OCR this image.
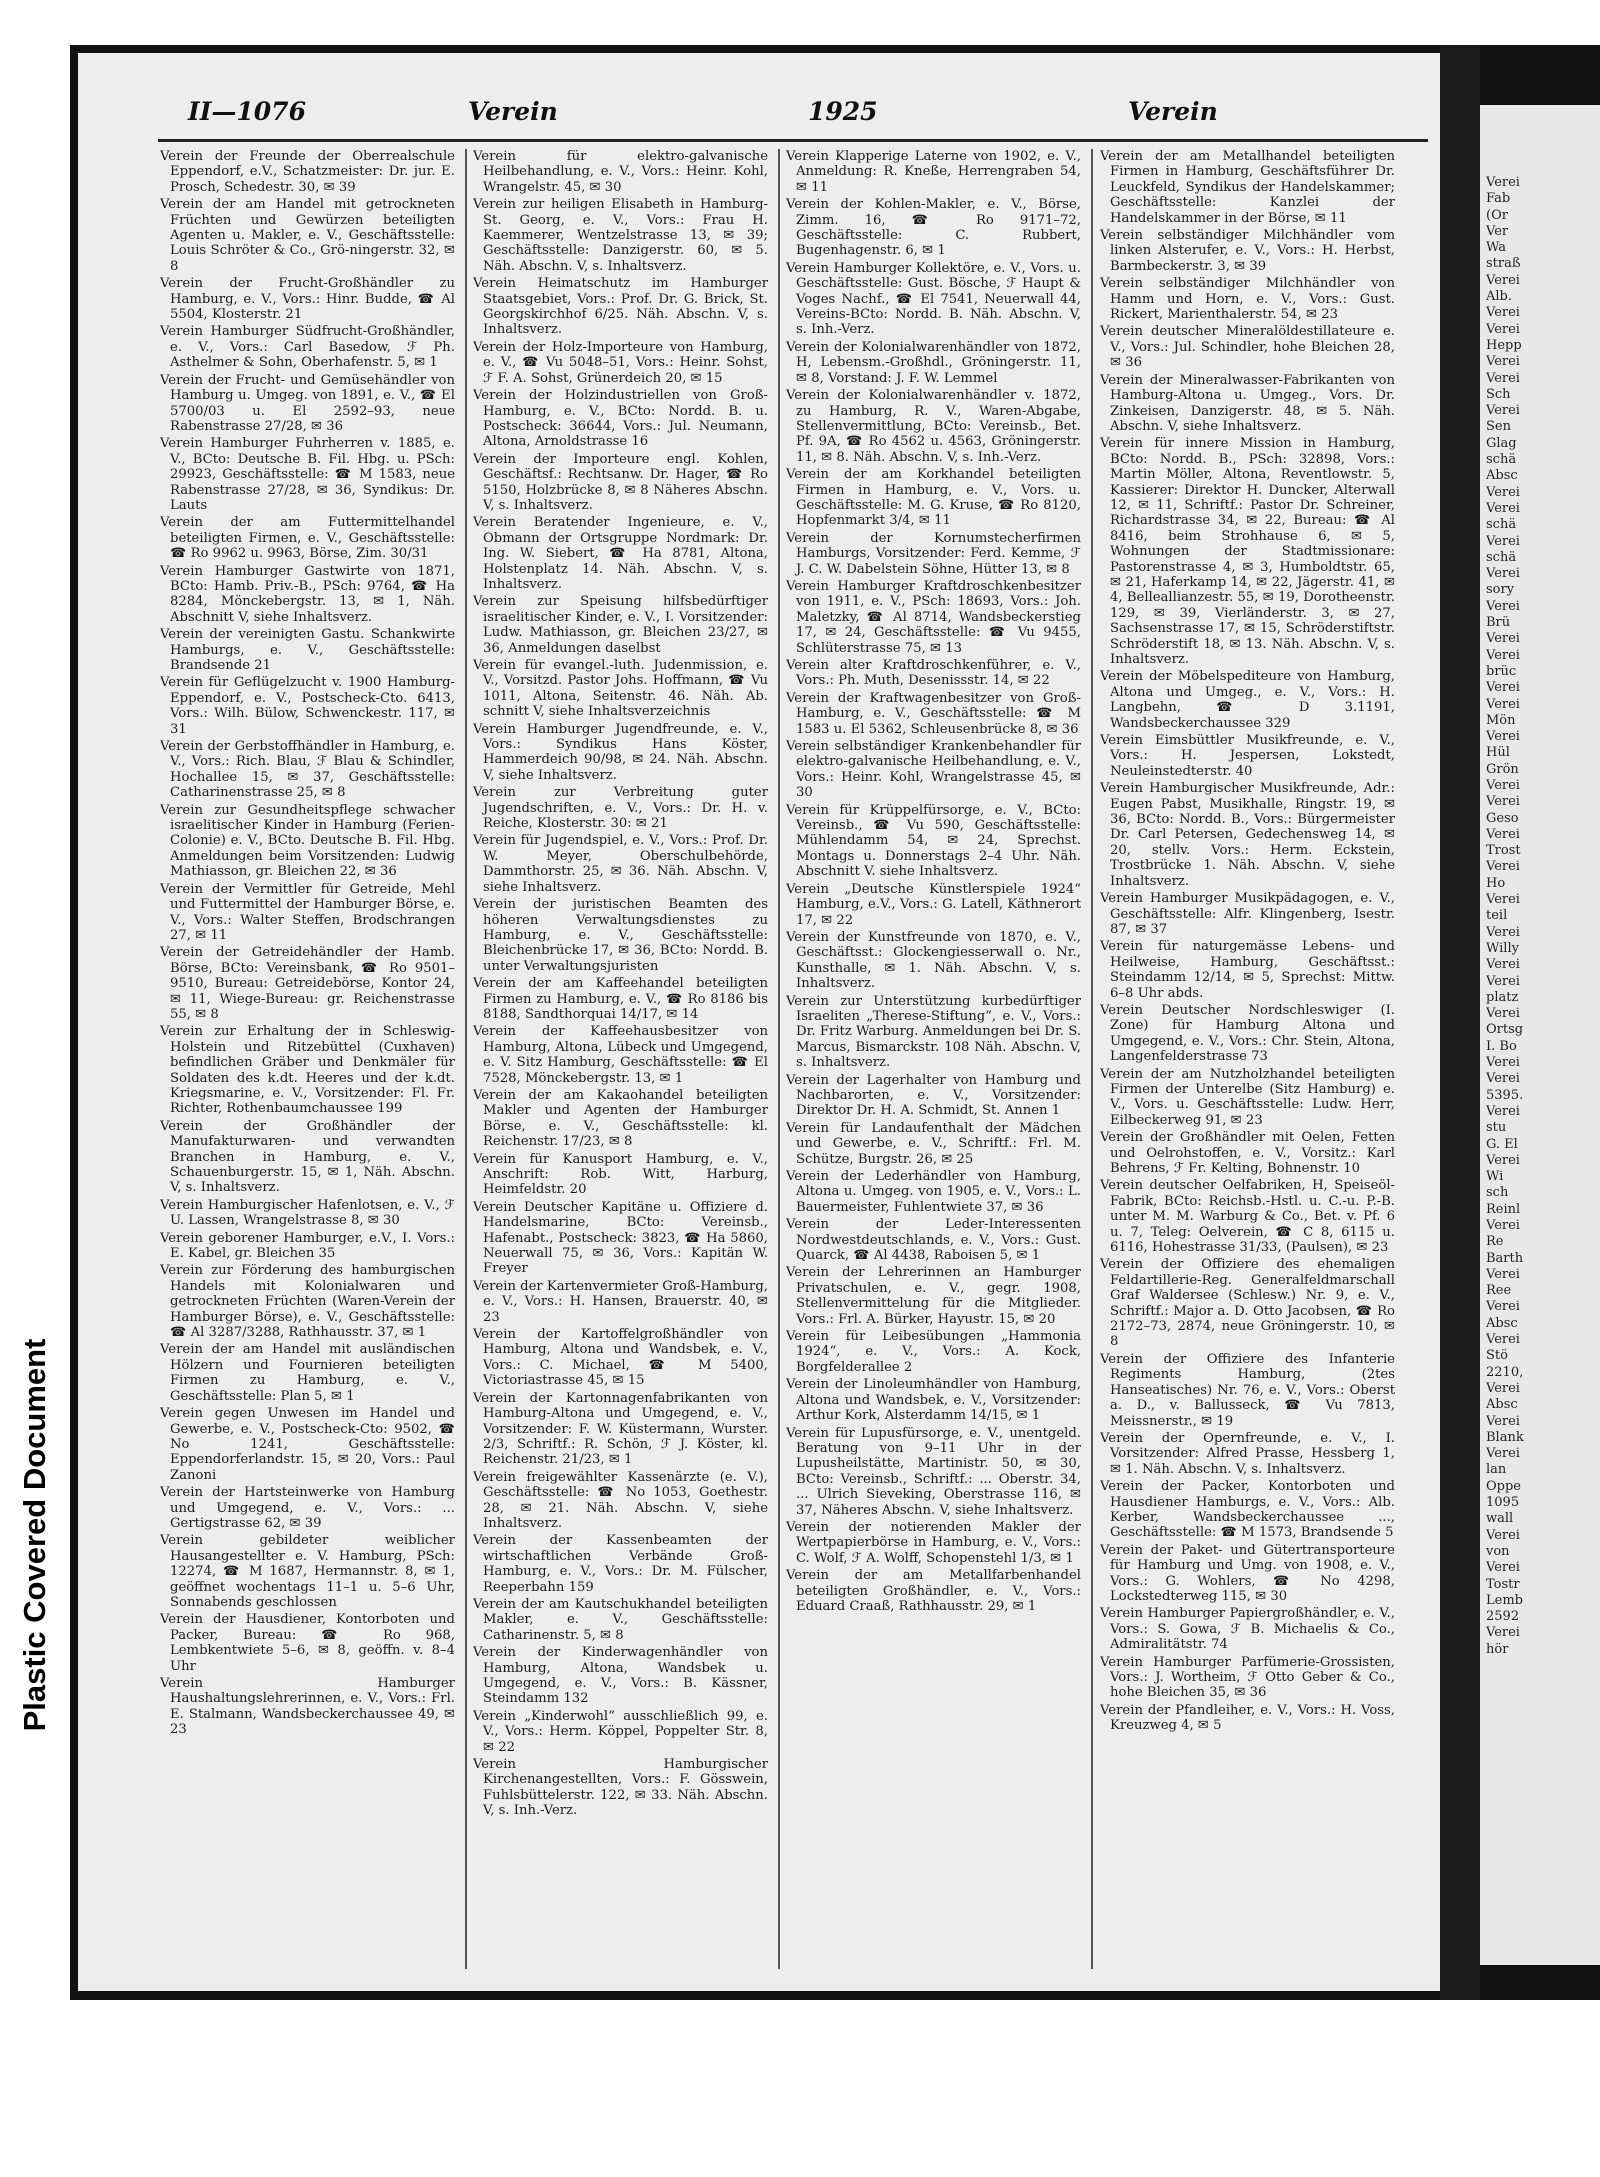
Plastic Covered Document
II—1076	Verein	1925	Verein

Verein der Freunde der Oberrealschule Eppendorf, e.V., Schatzmeister: Dr. jur. E. Prosch, Schedestr. 30, ✉ 39

Verein der am Handel mit getrockneten Früchten und Gewürzen beteiligten Agenten u. Makler, e. V., Geschäftsstelle: Louis Schröter & Co., Grö-ningerstr. 32, ✉ 8

Verein der Frucht-Großhändler zu Hamburg, e. V., Vors.: Hinr. Budde, ☎ Al 5504, Klosterstr. 21

Verein Hamburger Südfrucht-Großhändler, e. V., Vors.: Carl Basedow, ℱ Ph. Asthelmer & Sohn, Oberhafenstr. 5, ✉ 1

Verein der Frucht- und Gemüsehändler von Hamburg u. Umgeg. von 1891, e. V., ☎ El 5700/03 u. El 2592–93, neue Rabenstrasse 27/28, ✉ 36

Verein Hamburger Fuhrherren v. 1885, e. V., BCto: Deutsche B. Fil. Hbg. u. PSch: 29923, Geschäftsstelle: ☎ M 1583, neue Rabenstrasse 27/28, ✉ 36, Syndikus: Dr. Lauts

Verein der am Futtermittelhandel beteiligten Firmen, e. V., Geschäftsstelle: ☎ Ro 9962 u. 9963, Börse, Zim. 30/31

Verein Hamburger Gastwirte von 1871, BCto: Hamb. Priv.-B., PSch: 9764, ☎ Ha 8284, Mönckebergstr. 13, ✉ 1, Näh. Abschnitt V, siehe Inhaltsverz.

Verein der vereinigten Gastu. Schankwirte Hamburgs, e. V., Geschäftsstelle: Brandsende 21

Verein für Geflügelzucht v. 1900 Hamburg-Eppendorf, e. V., Postscheck-Cto. 6413, Vors.: Wilh. Bülow, Schwenckestr. 117, ✉ 31

Verein der Gerbstoffhändler in Hamburg, e. V., Vors.: Rich. Blau, ℱ Blau & Schindler, Hochallee 15, ✉ 37, Geschäftsstelle: Catharinenstrasse 25, ✉ 8

Verein zur Gesundheitspflege schwacher israelitischer Kinder in Hamburg (Ferien-Colonie) e. V., BCto. Deutsche B. Fil. Hbg. Anmeldungen beim Vorsitzenden: Ludwig Mathiasson, gr. Bleichen 22, ✉ 36

Verein der Vermittler für Getreide, Mehl und Futtermittel der Hamburger Börse, e. V., Vors.: Walter Steffen, Brodschrangen 27, ✉ 11

Verein der Getreidehändler der Hamb. Börse, BCto: Vereinsbank, ☎ Ro 9501–9510, Bureau: Getreidebörse, Kontor 24, ✉ 11, Wiege-Bureau: gr. Reichenstrasse 55, ✉ 8

Verein zur Erhaltung der in Schleswig-Holstein und Ritzebüttel (Cuxhaven) befindlichen Gräber und Denkmäler für Soldaten des k.dt. Heeres und der k.dt. Kriegsmarine, e. V., Vorsitzender: Fl. Fr. Richter, Rothenbaumchaussee 199

Verein der Großhändler der Manufakturwaren- und verwandten Branchen in Hamburg, e. V., Schauenburgerstr. 15, ✉ 1, Näh. Abschn. V, s. Inhaltsverz.

Verein Hamburgischer Hafenlotsen, e. V., ℱ U. Lassen, Wrangelstrasse 8, ✉ 30

Verein geborener Hamburger, e.V., I. Vors.: E. Kabel, gr. Bleichen 35

Verein zur Förderung des hamburgischen Handels mit Kolonialwaren und getrockneten Früchten (Waren-Verein der Hamburger Börse), e. V., Geschäftsstelle: ☎ Al 3287/3288, Rathhausstr. 37, ✉ 1

Verein der am Handel mit ausländischen Hölzern und Fournieren beteiligten Firmen zu Hamburg, e. V., Geschäftsstelle: Plan 5, ✉ 1

Verein gegen Unwesen im Handel und Gewerbe, e. V., Postscheck-Cto: 9502, ☎ No 1241, Geschäftsstelle: Eppendorferlandstr. 15, ✉ 20, Vors.: Paul Zanoni

Verein der Hartsteinwerke von Hamburg und Umgegend, e. V., Vors.: ... Gertigstrasse 62, ✉ 39

Verein gebildeter weiblicher Hausangestellter e. V. Hamburg, PSch: 12274, ☎ M 1687, Hermannstr. 8, ✉ 1, geöffnet wochentags 11–1 u. 5–6 Uhr, Sonnabends geschlossen

Verein der Hausdiener, Kontorboten und Packer, Bureau: ☎ Ro 968, Lembkentwiete 5–6, ✉ 8, geöffn. v. 8–4 Uhr

Verein Hamburger Haushaltungslehrerinnen, e. V., Vors.: Frl. E. Stalmann, Wandsbeckerchaussee 49, ✉ 23

Verein für elektro-galvanische Heilbehandlung, e. V., Vors.: Heinr. Kohl, Wrangelstr. 45, ✉ 30

Verein zur heiligen Elisabeth in Hamburg-St. Georg, e. V., Vors.: Frau H. Kaemmerer, Wentzelstrasse 13, ✉ 39; Geschäftsstelle: Danzigerstr. 60, ✉ 5. Näh. Abschn. V, s. Inhaltsverz.

Verein Heimatschutz im Hamburger Staatsgebiet, Vors.: Prof. Dr. G. Brick, St. Georgskirchhof 6/25. Näh. Abschn. V, s. Inhaltsverz.

Verein der Holz-Importeure von Hamburg, e. V., ☎ Vu 5048–51, Vors.: Heinr. Sohst, ℱ F. A. Sohst, Grünerdeich 20, ✉ 15

Verein der Holzindustriellen von Groß-Hamburg, e. V., BCto: Nordd. B. u. Postscheck: 36644, Vors.: Jul. Neumann, Altona, Arnoldstrasse 16

Verein der Importeure engl. Kohlen, Geschäftsf.: Rechtsanw. Dr. Hager, ☎ Ro 5150, Holzbrücke 8, ✉ 8 Näheres Abschn. V, s. Inhaltsverz.

Verein Beratender Ingenieure, e. V., Obmann der Ortsgruppe Nordmark: Dr. Ing. W. Siebert, ☎ Ha 8781, Altona, Holstenplatz 14. Näh. Abschn. V, s. Inhaltsverz.

Verein zur Speisung hilfsbedürftiger israelitischer Kinder, e. V., I. Vorsitzender: Ludw. Mathiasson, gr. Bleichen 23/27, ✉ 36, Anmeldungen daselbst

Verein für evangel.-luth. Judenmission, e. V., Vorsitzd. Pastor Johs. Hoffmann, ☎ Vu 1011, Altona, Seitenstr. 46. Näh. Ab. schnitt V, siehe Inhaltsverzeichnis

Verein Hamburger Jugendfreunde, e. V., Vors.: Syndikus Hans Köster, Hammerdeich 90/98, ✉ 24. Näh. Abschn. V, siehe Inhaltsverz.

Verein zur Verbreitung guter Jugendschriften, e. V., Vors.: Dr. H. v. Reiche, Klosterstr. 30: ✉ 21

Verein für Jugendspiel, e. V., Vors.: Prof. Dr. W. Meyer, Oberschulbehörde, Dammthorstr. 25, ✉ 36. Näh. Abschn. V, siehe Inhaltsverz.

Verein der juristischen Beamten des höheren Verwaltungsdienstes zu Hamburg, e. V., Geschäftsstelle: Bleichenbrücke 17, ✉ 36, BCto: Nordd. B. unter Verwaltungsjuristen

Verein der am Kaffeehandel beteiligten Firmen zu Hamburg, e. V., ☎ Ro 8186 bis 8188, Sandthorquai 14/17, ✉ 14

Verein der Kaffeehausbesitzer von Hamburg, Altona, Lübeck und Umgegend, e. V. Sitz Hamburg, Geschäftsstelle: ☎ El 7528, Mönckebergstr. 13, ✉ 1

Verein der am Kakaohandel beteiligten Makler und Agenten der Hamburger Börse, e. V., Geschäftsstelle: kl. Reichenstr. 17/23, ✉ 8

Verein für Kanusport Hamburg, e. V., Anschrift: Rob. Witt, Harburg, Heimfeldstr. 20

Verein Deutscher Kapitäne u. Offiziere d. Handelsmarine, BCto: Vereinsb., Hafenabt., Postscheck: 3823, ☎ Ha 5860, Neuerwall 75, ✉ 36, Vors.: Kapitän W. Freyer

Verein der Kartenvermieter Groß-Hamburg, e. V., Vors.: H. Hansen, Brauerstr. 40, ✉ 23

Verein der Kartoffelgroßhändler von Hamburg, Altona und Wandsbek, e. V., Vors.: C. Michael, ☎ M 5400, Victoriastrasse 45, ✉ 15

Verein der Kartonnagenfabrikanten von Hamburg-Altona und Umgegend, e. V., Vorsitzender: F. W. Küstermann, Wurster. 2/3, Schriftf.: R. Schön, ℱ J. Köster, kl. Reichenstr. 21/23, ✉ 1

Verein freigewählter Kassenärzte (e. V.), Geschäftsstelle: ☎ No 1053, Goethestr. 28, ✉ 21. Näh. Abschn. V, siehe Inhaltsverz.

Verein der Kassenbeamten der wirtschaftlichen Verbände Groß-Hamburg, e. V., Vors.: Dr. M. Fülscher, Reeperbahn 159

Verein der am Kautschukhandel beteiligten Makler, e. V., Geschäftsstelle: Catharinenstr. 5, ✉ 8

Verein der Kinderwagenhändler von Hamburg, Altona, Wandsbek u. Umgegend, e. V., Vors.: B. Kässner, Steindamm 132

Verein „Kinderwohl“ ausschließlich 99, e. V., Vors.: Herm. Köppel, Poppelter Str. 8, ✉ 22

Verein Hamburgischer Kirchenangestellten, Vors.: F. Gösswein, Fuhlsbüttelerstr. 122, ✉ 33. Näh. Abschn. V, s. Inh.-Verz.

Verein Klapperige Laterne von 1902, e. V., Anmeldung: R. Kneße, Herrengraben 54, ✉ 11

Verein der Kohlen-Makler, e. V., Börse, Zimm. 16, ☎ Ro 9171–72, Geschäftsstelle: C. Rubbert, Bugenhagenstr. 6, ✉ 1

Verein Hamburger Kollektöre, e. V., Vors. u. Geschäftsstelle: Gust. Bösche, ℱ Haupt & Voges Nachf., ☎ El 7541, Neuerwall 44, Vereins-BCto: Nordd. B. Näh. Abschn. V, s. Inh.-Verz.

Verein der Kolonialwarenhändler von 1872, H, Lebensm.-Großhdl., Gröningerstr. 11, ✉ 8, Vorstand: J. F. W. Lemmel

Verein der Kolonialwarenhändler v. 1872, zu Hamburg, R. V., Waren-Abgabe, Stellenvermittlung, BCto: Vereinsb., Bet. Pf. 9A, ☎ Ro 4562 u. 4563, Gröningerstr. 11, ✉ 8. Näh. Abschn. V, s. Inh.-Verz.

Verein der am Korkhandel beteiligten Firmen in Hamburg, e. V., Vors. u. Geschäftsstelle: M. G. Kruse, ☎ Ro 8120, Hopfenmarkt 3/4, ✉ 11

Verein der Kornumstecherfirmen Hamburgs, Vorsitzender: Ferd. Kemme, ℱ J. C. W. Dabelstein Söhne, Hütter 13, ✉ 8

Verein Hamburger Kraftdroschkenbesitzer von 1911, e. V., PSch: 18693, Vors.: Joh. Maletzky, ☎ Al 8714, Wandsbeckerstieg 17, ✉ 24, Geschäftsstelle: ☎ Vu 9455, Schlüterstrasse 75, ✉ 13

Verein alter Kraftdroschkenführer, e. V., Vors.: Ph. Muth, Desenissstr. 14, ✉ 22

Verein der Kraftwagenbesitzer von Groß-Hamburg, e. V., Geschäftsstelle: ☎ M 1583 u. El 5362, Schleusenbrücke 8, ✉ 36

Verein selbständiger Krankenbehandler für elektro-galvanische Heilbehandlung, e. V., Vors.: Heinr. Kohl, Wrangelstrasse 45, ✉ 30

Verein für Krüppelfürsorge, e. V., BCto: Vereinsb., ☎ Vu 590, Geschäftsstelle: Mühlendamm 54, ✉ 24, Sprechst. Montags u. Donnerstags 2–4 Uhr. Näh. Abschnitt V. siehe Inhaltsverz.

Verein „Deutsche Künstlerspiele 1924“ Hamburg, e.V., Vors.: G. Latell, Käthnerort 17, ✉ 22

Verein der Kunstfreunde von 1870, e. V., Geschäftsst.: Glockengiesserwall o. Nr., Kunsthalle, ✉ 1. Näh. Abschn. V, s. Inhaltsverz.

Verein zur Unterstützung kurbedürftiger Israeliten „Therese-Stiftung“, e. V., Vors.: Dr. Fritz Warburg. Anmeldungen bei Dr. S. Marcus, Bismarckstr. 108 Näh. Abschn. V, s. Inhaltsverz.

Verein der Lagerhalter von Hamburg und Nachbarorten, e. V., Vorsitzender: Direktor Dr. H. A. Schmidt, St. Annen 1

Verein für Landaufenthalt der Mädchen und Gewerbe, e. V., Schriftf.: Frl. M. Schütze, Burgstr. 26, ✉ 25

Verein der Lederhändler von Hamburg, Altona u. Umgeg. von 1905, e. V., Vors.: L. Bauermeister, Fuhlentwiete 37, ✉ 36

Verein der Leder-Interessenten Nordwestdeutschlands, e. V., Vors.: Gust. Quarck, ☎ Al 4438, Raboisen 5, ✉ 1

Verein der Lehrerinnen an Hamburger Privatschulen, e. V., gegr. 1908, Stellenvermittelung für die Mitglieder. Vors.: Frl. A. Bürker, Hayustr. 15, ✉ 20

Verein für Leibesübungen „Hammonia 1924“, e. V., Vors.: A. Kock, Borgfelderallee 2

Verein der Linoleumhändler von Hamburg, Altona und Wandsbek, e. V., Vorsitzender: Arthur Kork, Alsterdamm 14/15, ✉ 1

Verein für Lupusfürsorge, e. V., unentgeld. Beratung von 9–11 Uhr in der Lupusheilstätte, Martinistr. 50, ✉ 30, BCto: Vereinsb., Schriftf.: ... Oberstr. 34, ... Ulrich Sieveking, Oberstrasse 116, ✉ 37, Näheres Abschn. V, siehe Inhaltsverz.

Verein der notierenden Makler der Wertpapierbörse in Hamburg, e. V., Vors.: C. Wolf, ℱ A. Wolff, Schopenstehl 1/3, ✉ 1

Verein der am Metallfarbenhandel beteiligten Großhändler, e. V., Vors.: Eduard Craaß, Rathhausstr. 29, ✉ 1

Verein der am Metallhandel beteiligten Firmen in Hamburg, Geschäftsführer Dr. Leuckfeld, Syndikus der Handelskammer; Geschäftsstelle: Kanzlei der Handelskammer in der Börse, ✉ 11

Verein selbständiger Milchhändler vom linken Alsterufer, e. V., Vors.: H. Herbst, Barmbeckerstr. 3, ✉ 39

Verein selbständiger Milchhändler von Hamm und Horn, e. V., Vors.: Gust. Rickert, Marienthalerstr. 54, ✉ 23

Verein deutscher Mineralöldestillateure e. V., Vors.: Jul. Schindler, hohe Bleichen 28, ✉ 36

Verein der Mineralwasser-Fabrikanten von Hamburg-Altona u. Umgeg., Vors. Dr. Zinkeisen, Danzigerstr. 48, ✉ 5. Näh. Abschn. V, siehe Inhaltsverz.

Verein für innere Mission in Hamburg, BCto: Nordd. B., PSch: 32898, Vors.: Martin Möller, Altona, Reventlowstr. 5, Kassierer: Direktor H. Duncker, Alterwall 12, ✉ 11, Schriftf.: Pastor Dr. Schreiner, Richardstrasse 34, ✉ 22, Bureau: ☎ Al 8416, beim Strohhause 6, ✉ 5, Wohnungen der Stadtmissionare: Pastorenstrasse 4, ✉ 3, Humboldtstr. 65, ✉ 21, Haferkamp 14, ✉ 22, Jägerstr. 41, ✉ 4, Belleallianzestr. 55, ✉ 19, Dorotheenstr. 129, ✉ 39, Vierländerstr. 3, ✉ 27, Sachsenstrasse 17, ✉ 15, Schröderstiftstr. Schröderstift 18, ✉ 13. Näh. Abschn. V, s. Inhaltsverz.

Verein der Möbelspediteure von Hamburg, Altona und Umgeg., e. V., Vors.: H. Langbehn, ☎ D 3.1191, Wandsbeckerchaussee 329

Verein Eimsbüttler Musikfreunde, e. V., Vors.: H. Jespersen, Lokstedt, Neuleinstedterstr. 40

Verein Hamburgischer Musikfreunde, Adr.: Eugen Pabst, Musikhalle, Ringstr. 19, ✉ 36, BCto: Nordd. B., Vors.: Bürgermeister Dr. Carl Petersen, Gedechensweg 14, ✉ 20, stellv. Vors.: Herm. Eckstein, Trostbrücke 1. Näh. Abschn. V, siehe Inhaltsverz.

Verein Hamburger Musikpädagogen, e. V., Geschäftsstelle: Alfr. Klingenberg, Isestr. 87, ✉ 37

Verein für naturgemässe Lebens- und Heilweise, Hamburg, Geschäftsst.: Steindamm 12/14, ✉ 5, Sprechst: Mittw. 6–8 Uhr abds.

Verein Deutscher Nordschleswiger (I. Zone) für Hamburg Altona und Umgegend, e. V., Vors.: Chr. Stein, Altona, Langenfelderstrasse 73

Verein der am Nutzholzhandel beteiligten Firmen der Unterelbe (Sitz Hamburg) e. V., Vors. u. Geschäftsstelle: Ludw. Herr, Eilbeckerweg 91, ✉ 23

Verein der Großhändler mit Oelen, Fetten und Oelrohstoffen, e. V., Vorsitz.: Karl Behrens, ℱ Fr. Kelting, Bohnenstr. 10

Verein deutscher Oelfabriken, H, Speiseöl-Fabrik, BCto: Reichsb.-Hstl. u. C.-u. P.-B. unter M. M. Warburg & Co., Bet. v. Pf. 6 u. 7, Teleg: Oelverein, ☎ C 8, 6115 u. 6116, Hohestrasse 31/33, (Paulsen), ✉ 23

Verein der Offiziere des ehemaligen Feldartillerie-Reg. Generalfeldmarschall Graf Waldersee (Schlesw.) Nr. 9, e. V., Schriftf.: Major a. D. Otto Jacobsen, ☎ Ro 2172–73, 2874, neue Gröningerstr. 10, ✉ 8

Verein der Offiziere des Infanterie Regiments Hamburg, (2tes Hanseatisches) Nr. 76, e. V., Vors.: Oberst a. D., v. Ballusseck, ☎ Vu 7813, Meissnerstr., ✉ 19

Verein der Opernfreunde, e. V., I. Vorsitzender: Alfred Prasse, Hessberg 1, ✉ 1. Näh. Abschn. V, s. Inhaltsverz.

Verein der Packer, Kontorboten und Hausdiener Hamburgs, e. V., Vors.: Alb. Kerber, Wandsbeckerchaussee ..., Geschäftsstelle: ☎ M 1573, Brandsende 5

Verein der Paket- und Gütertransporteure für Hamburg und Umg. von 1908, e. V., Vors.: G. Wohlers, ☎ No 4298, Lockstedterweg 115, ✉ 30

Verein Hamburger Papiergroßhändler, e. V., Vors.: S. Gowa, ℱ B. Michaelis & Co., Admiralitätstr. 74

Verein Hamburger Parfümerie-Grossisten, Vors.: J. Wortheim, ℱ Otto Geber & Co., hohe Bleichen 35, ✉ 36

Verein der Pfandleiher, e. V., Vors.: H. Voss, Kreuzweg 4, ✉ 5

Verei
Fab
(Or
Ver
Wa
straß
Verei
Alb.
Verei
Verei
Hepp
Verei
Verei
Sch
Verei
Sen
Glag
schä
Absc
Verei
Verei
schä
Verei
schä
Verei
sory
Verei
Brü
Verei
Verei
brüc
Verei
Verei
Mön
Verei
Hül
Grön
Verei
Verei
Geso
Verei
Trost
Verei
Ho
Verei
teil
Verei
Willy
Verei
Verei
platz
Verei
Ortsg
I. Bo
Verei
Verei
5395.
Verei
stu
G. El
Verei
Wi
sch
Reinl
Verei
Re
Barth
Verei
Ree
Verei
Absc
Verei
Stö
2210,
Verei
Absc
Verei
Blank
Verei
lan
Oppe
1095
wall
Verei
von
Verei
Tostr
Lemb
2592
Verei
hör
